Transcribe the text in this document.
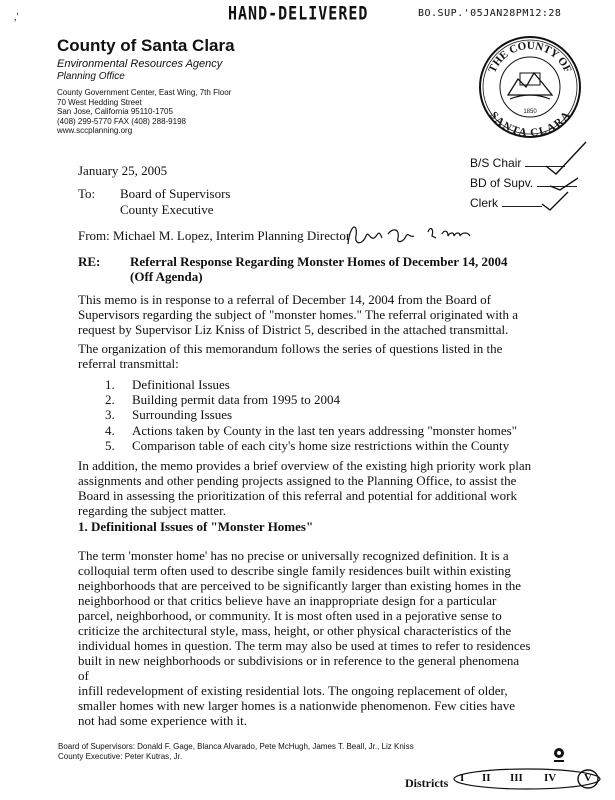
,'	HAND-DELIVERED	BO.SUP.'05JAN28PM12:28
County of Santa Clara
Environmental Resources Agency
Planning Office
County Government Center, East Wing, 7th Floor
70 West Hedding Street
San Jose, California 95110-1705
(408) 299-5770 FAX (408) 288-9198
www.sccplanning.org
THE COUNTY OF
SANTA CLARA
1850
January 25, 2005	B/S Chair
BD of Supv.
Clerk
To: Board of Supervisors
County Executive
From: Michael M. Lopez, Interim Planning Director
RE: Referral Response Regarding Monster Homes of December 14, 2004
(Off Agenda)
This memo is in response to a referral of December 14, 2004 from the Board of
Supervisors regarding the subject of "monster homes." The referral originated with a
request by Supervisor Liz Kniss of District 5, described in the attached transmittal.
The organization of this memorandum follows the series of questions listed in the
referral transmittal:
1. Definitional Issues
2. Building permit data from 1995 to 2004
3. Surrounding Issues
4. Actions taken by County in the last ten years addressing "monster homes"
5. Comparison table of each city's home size restrictions within the County
In addition, the memo provides a brief overview of the existing high priority work plan
assignments and other pending projects assigned to the Planning Office, to assist the
Board in assessing the prioritization of this referral and potential for additional work
regarding the subject matter.
1. Definitional Issues of "Monster Homes"
The term 'monster home' has no precise or universally recognized definition. It is a
colloquial term often used to describe single family residences built within existing
neighborhoods that are perceived to be significantly larger than existing homes in the
neighborhood or that critics believe have an inappropriate design for a particular
parcel, neighborhood, or community. It is most often used in a pejorative sense to
criticize the architectural style, mass, height, or other physical characteristics of the
individual homes in question. The term may also be used at times to refer to residences
built in new neighborhoods or subdivisions or in reference to the general phenomena of
infill redevelopment of existing residential lots. The ongoing replacement of older,
smaller homes with new larger homes is a nationwide phenomenon. Few cities have
not had some experience with it.
Board of Supervisors: Donald F. Gage, Blanca Alvarado, Pete McHugh, James T. Beall, Jr., Liz Kniss
County Executive: Peter Kutras, Jr.
Districts I II III IV	V
